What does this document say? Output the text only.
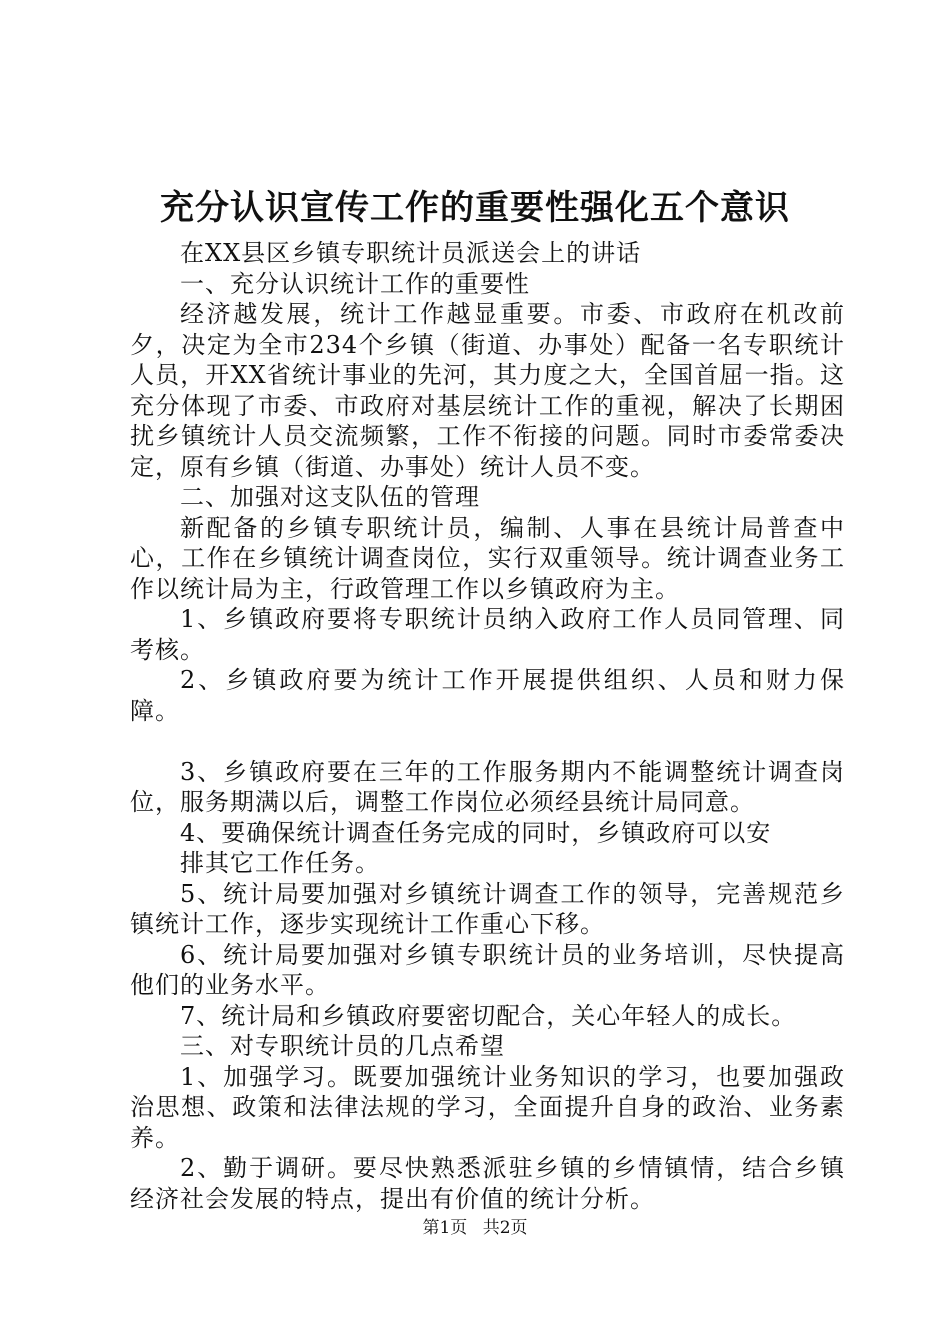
充分认识宣传工作的重要性强化五个意识

在XX县区乡镇专职统计员派送会上的讲话

一、充分认识统计工作的重要性

经济越发展，统计工作越显重要。市委、市政府在机改前夕，决定为全市234个乡镇（街道、办事处）配备一名专职统计人员，开XX省统计事业的先河，其力度之大，全国首屈一指。这充分体现了市委、市政府对基层统计工作的重视，解决了长期困扰乡镇统计人员交流频繁，工作不衔接的问题。同时市委常委决定，原有乡镇（街道、办事处）统计人员不变。

二、加强对这支队伍的管理

新配备的乡镇专职统计员，编制、人事在县统计局普查中心，工作在乡镇统计调查岗位，实行双重领导。统计调查业务工作以统计局为主，行政管理工作以乡镇政府为主。

1、乡镇政府要将专职统计员纳入政府工作人员同管理、同考核。

2、乡镇政府要为统计工作开展提供组织、人员和财力保障。

3、乡镇政府要在三年的工作服务期内不能调整统计调查岗位，服务期满以后，调整工作岗位必须经县统计局同意。

4、要确保统计调查任务完成的同时，乡镇政府可以安

排其它工作任务。

5、统计局要加强对乡镇统计调查工作的领导，完善规范乡镇统计工作，逐步实现统计工作重心下移。

6、统计局要加强对乡镇专职统计员的业务培训，尽快提高他们的业务水平。

7、统计局和乡镇政府要密切配合，关心年轻人的成长。

三、对专职统计员的几点希望

1、加强学习。既要加强统计业务知识的学习，也要加强政治思想、政策和法律法规的学习，全面提升自身的政治、业务素养。

2、勤于调研。要尽快熟悉派驻乡镇的乡情镇情，结合乡镇经济社会发展的特点，提出有价值的统计分析。

第1页 共2页
